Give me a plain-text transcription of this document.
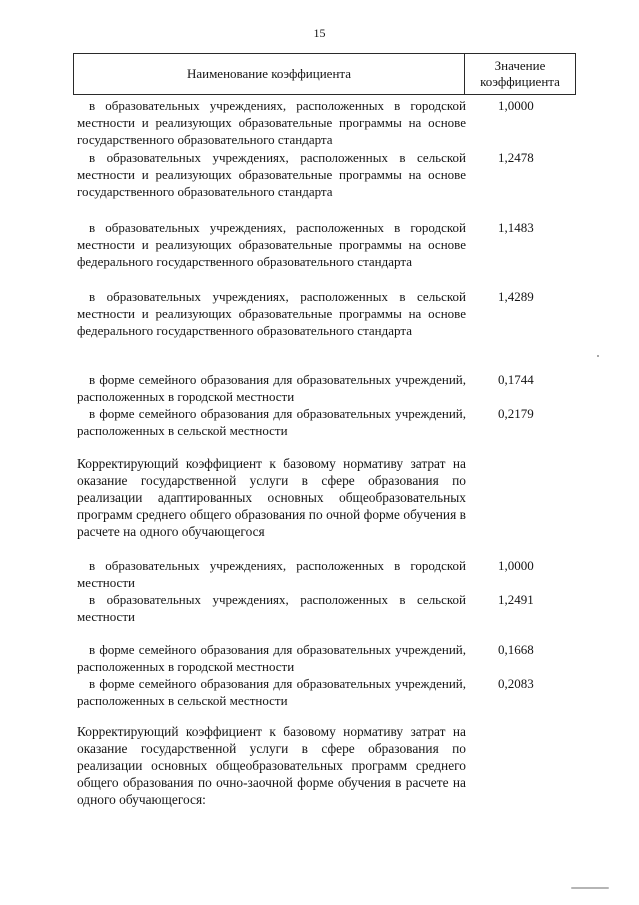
15
Наименование коэффициента
Значение
коэффициента
в образовательных учреждениях, расположенных в городской местности и реализующих образовательные программы на основе государственного образовательного стандарта
1,0000
в образовательных учреждениях, расположенных в сельской местности и реализующих образовательные программы на основе государственного образовательного стандарта
1,2478
в образовательных учреждениях, расположенных в городской местности и реализующих образовательные программы на основе федерального государственного образовательного стандарта
1,1483
в образовательных учреждениях, расположенных в сельской местности и реализующих образовательные программы на основе федерального государственного образовательного стандарта
1,4289
в форме семейного образования для образовательных учреждений, расположенных в городской местности
0,1744
в форме семейного образования для образовательных учреждений, расположенных в сельской местности
0,2179
Корректирующий коэффициент к базовому нормативу затрат на оказание государственной услуги в сфере образования по реализации адаптированных основных общеобразовательных программ среднего общего образования по очной форме обучения в расчете на одного обучающегося
в образовательных учреждениях, расположенных в городской местности
1,0000
в образовательных учреждениях, расположенных в сельской местности
1,2491
в форме семейного образования для образовательных учреждений, расположенных в городской местности
0,1668
в форме семейного образования для образовательных учреждений, расположенных в сельской местности
0,2083
Корректирующий коэффициент к базовому нормативу затрат на оказание государственной услуги в сфере образования по реализации основных общеобразовательных программ среднего общего образования по очно-заочной форме обучения в расчете на одного обучающегося:
